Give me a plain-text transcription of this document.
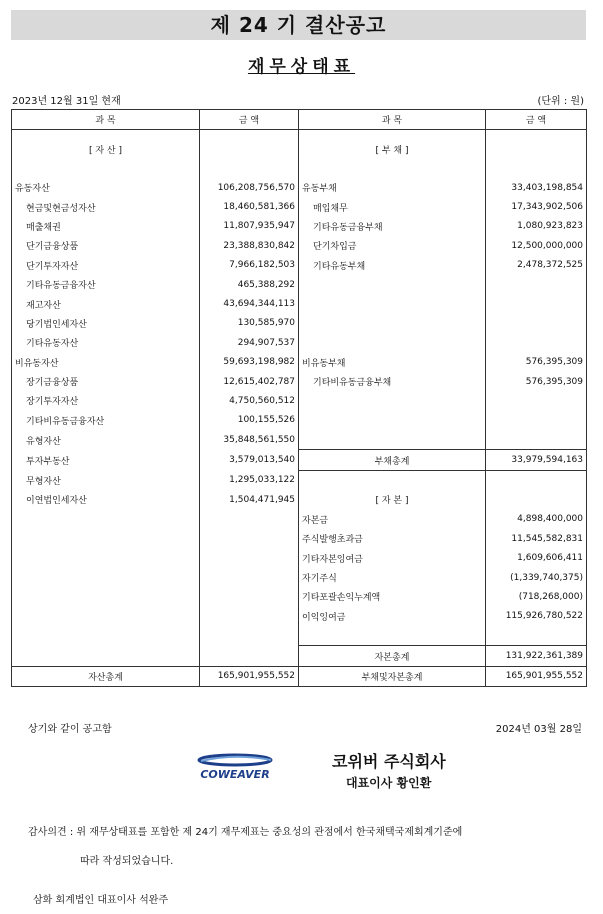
제 24 기 결산공고
재무상태표
2023년 12월 31일 현재	(단위 : 원)
과 목	금 액	과 목	금 액
[ 자 산 ]		[ 부 채 ]	

유동자산	106,208,756,570	유동부채	33,403,198,854
현금및현금성자산	18,460,581,366	매입채무	17,343,902,506
매출채권	11,807,935,947	기타유동금융부채	1,080,923,823
단기금융상품	23,388,830,842	단기차입금	12,500,000,000
단기투자자산	7,966,182,503	기타유동부채	2,478,372,525
기타유동금융자산	465,388,292		
재고자산	43,694,344,113		
당기법인세자산	130,585,970		
기타유동자산	294,907,537		
비유동자산	59,693,198,982	비유동부채	576,395,309
장기금융상품	12,615,402,787	기타비유동금융부채	576,395,309
장기투자자산	4,750,560,512		
기타비유동금융자산	100,155,526		
유형자산	35,848,561,550		
투자부동산	3,579,013,540	부채총계	33,979,594,163
무형자산	1,295,033,122		
이연법인세자산	1,504,471,945	[ 자 본 ]	
		자본금	4,898,400,000
		주식발행초과금	11,545,582,831
		기타자본잉여금	1,609,606,411
		자기주식	(1,339,740,375)
		기타포괄손익누계액	(718,268,000)
		이익잉여금	115,926,780,522

		자본총계	131,922,361,389
자산총계	165,901,955,552	부채및자본총계	165,901,955,552
상기와 같이 공고함	2024년 03월 28일
COWEAVER
코위버 주식회사
대표이사 황인환
감사의견 : 위 재무상태표를 포함한 제 24기 재무제표는 중요성의 관점에서 한국채택국제회계기준에
따라 작성되었습니다.
삼화 회계법인 대표이사 석완주
